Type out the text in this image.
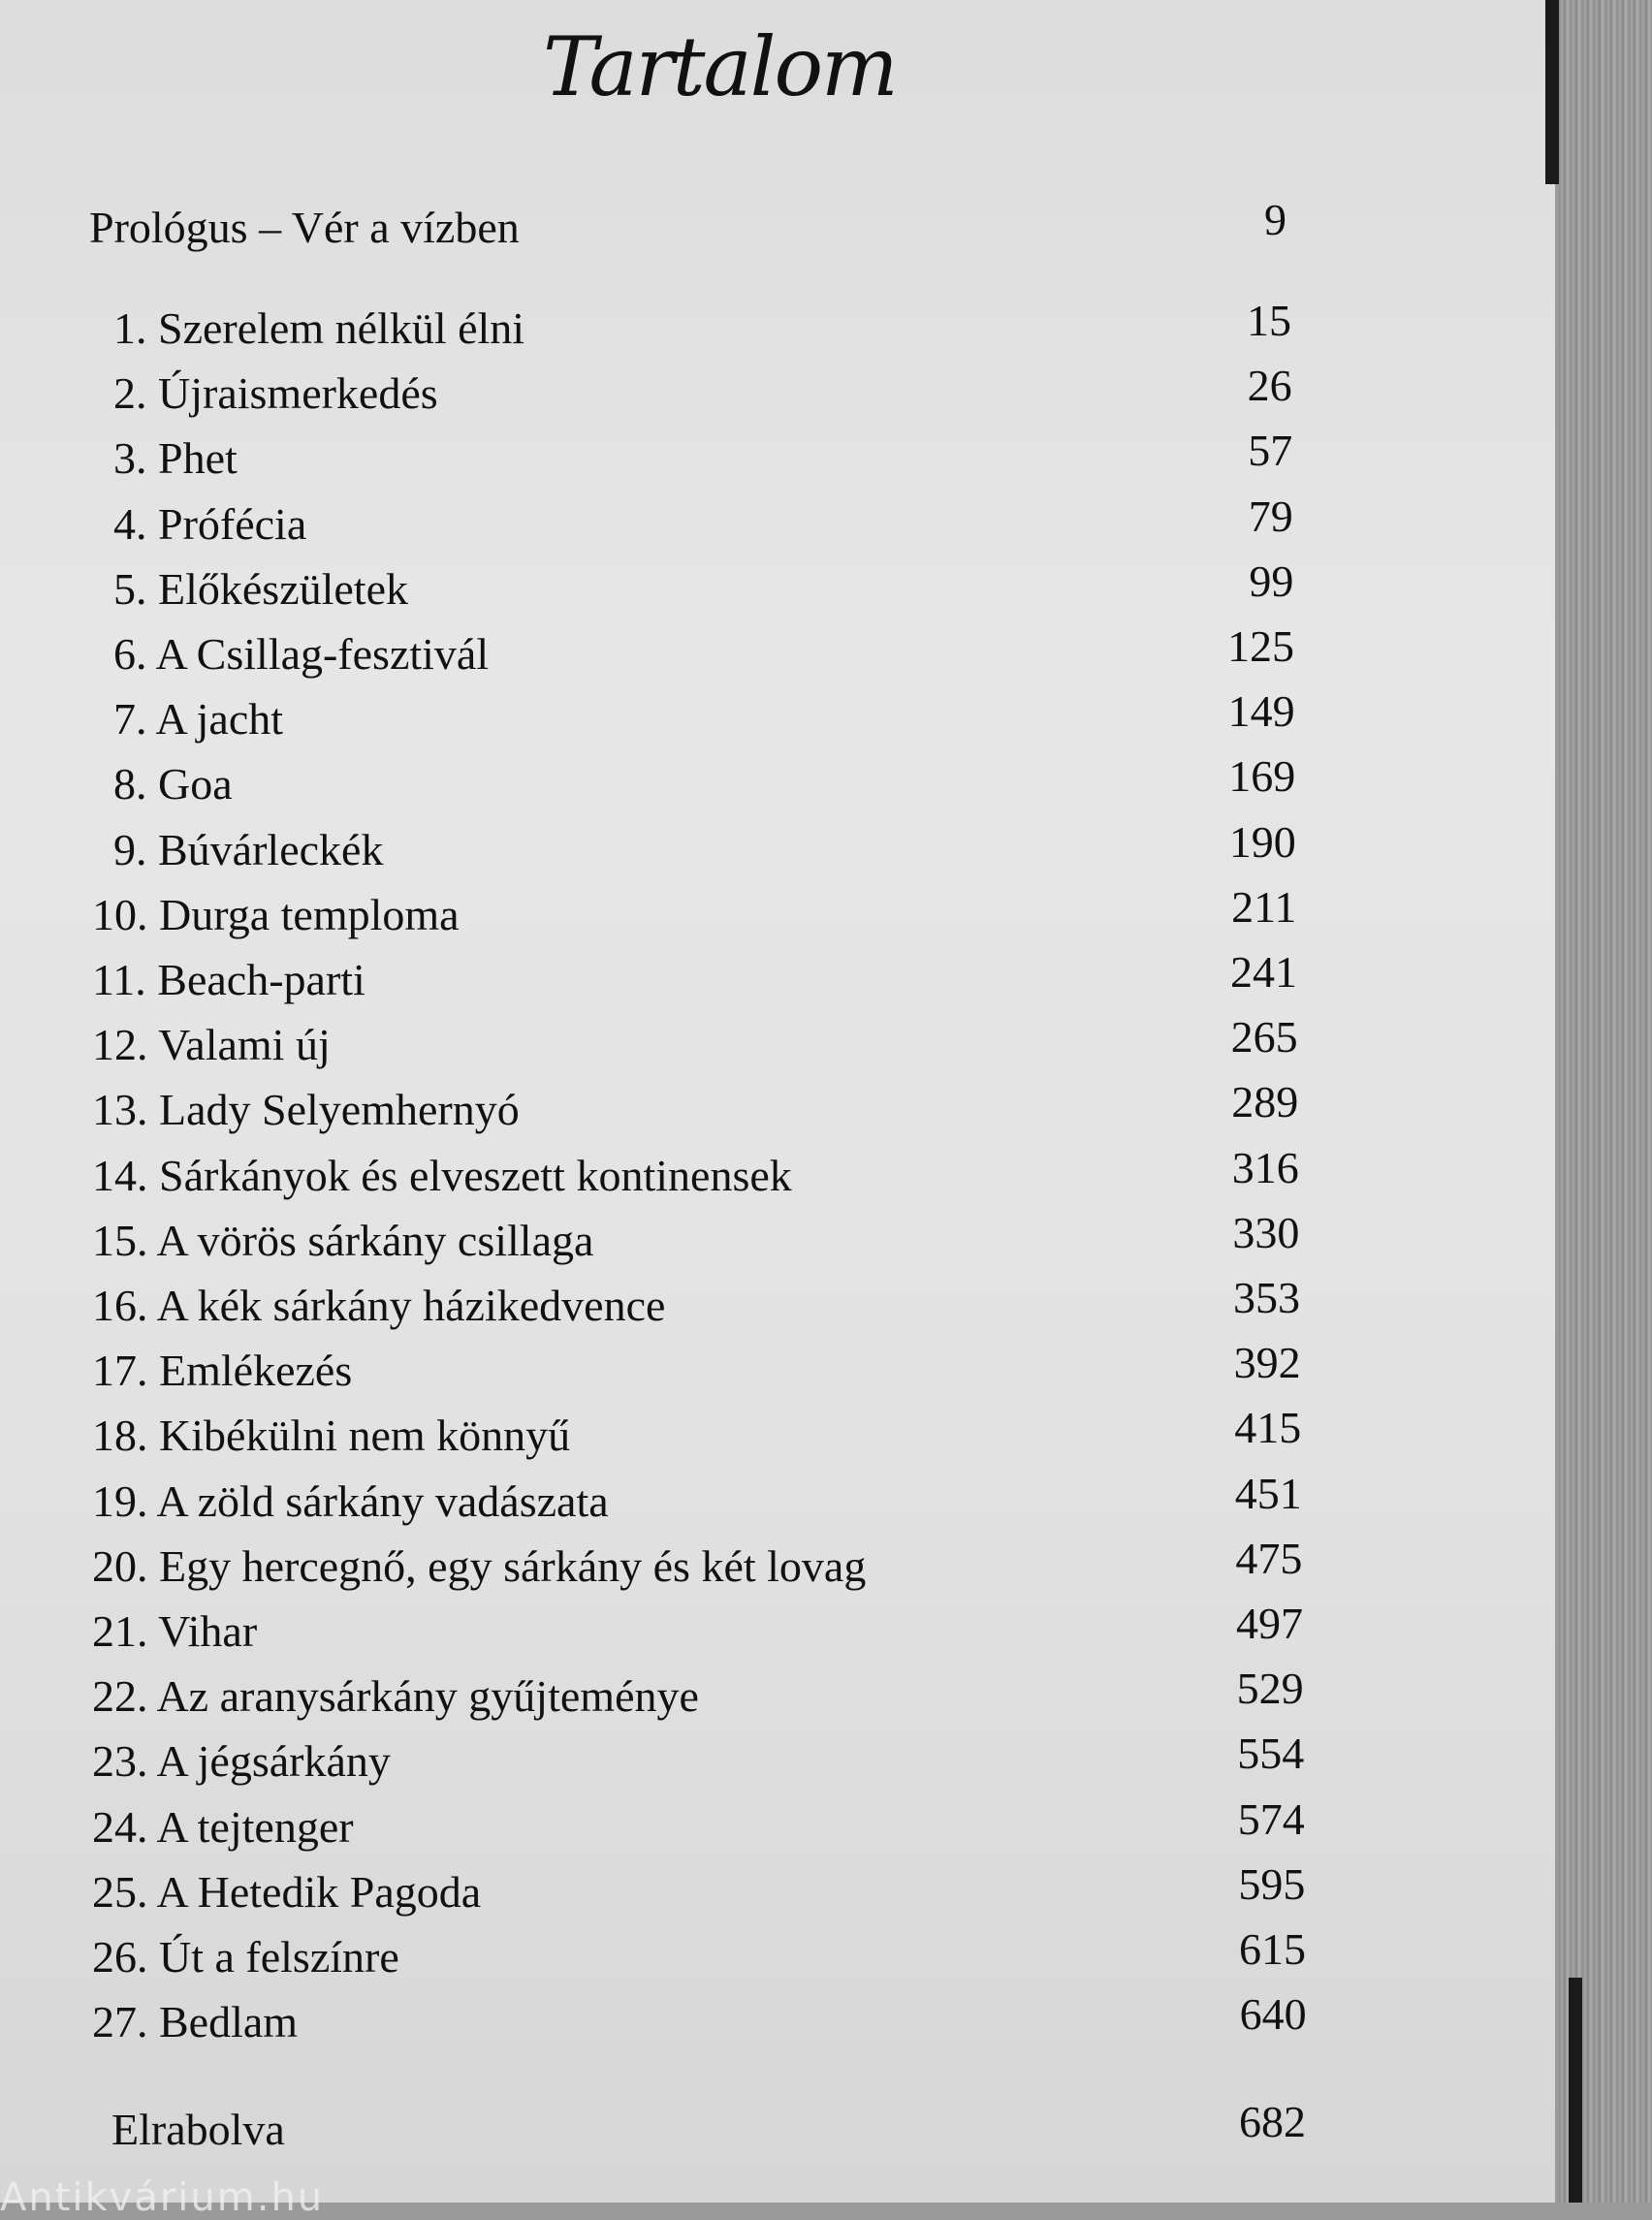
Tartalom
Prológus – Vér a vízben	9
1. Szerelem nélkül élni	15
2. Újraismerkedés	26
3. Phet	57
4. Prófécia	79
5. Előkészületek	99
6. A Csillag-fesztivál	125
7. A jacht	149
8. Goa	169
9. Búvárleckék	190
10. Durga temploma	211
11. Beach-parti	241
12. Valami új	265
13. Lady Selyemhernyó	289
14. Sárkányok és elveszett kontinensek	316
15. A vörös sárkány csillaga	330
16. A kék sárkány házikedvence	353
17. Emlékezés	392
18. Kibékülni nem könnyű	415
19. A zöld sárkány vadászata	451
20. Egy hercegnő, egy sárkány és két lovag	475
21. Vihar	497
22. Az aranysárkány gyűjteménye	529
23. A jégsárkány	554
24. A tejtenger	574
25. A Hetedik Pagoda	595
26. Út a felszínre	615
27. Bedlam	640
Elrabolva	682
Antikvárium.hu
